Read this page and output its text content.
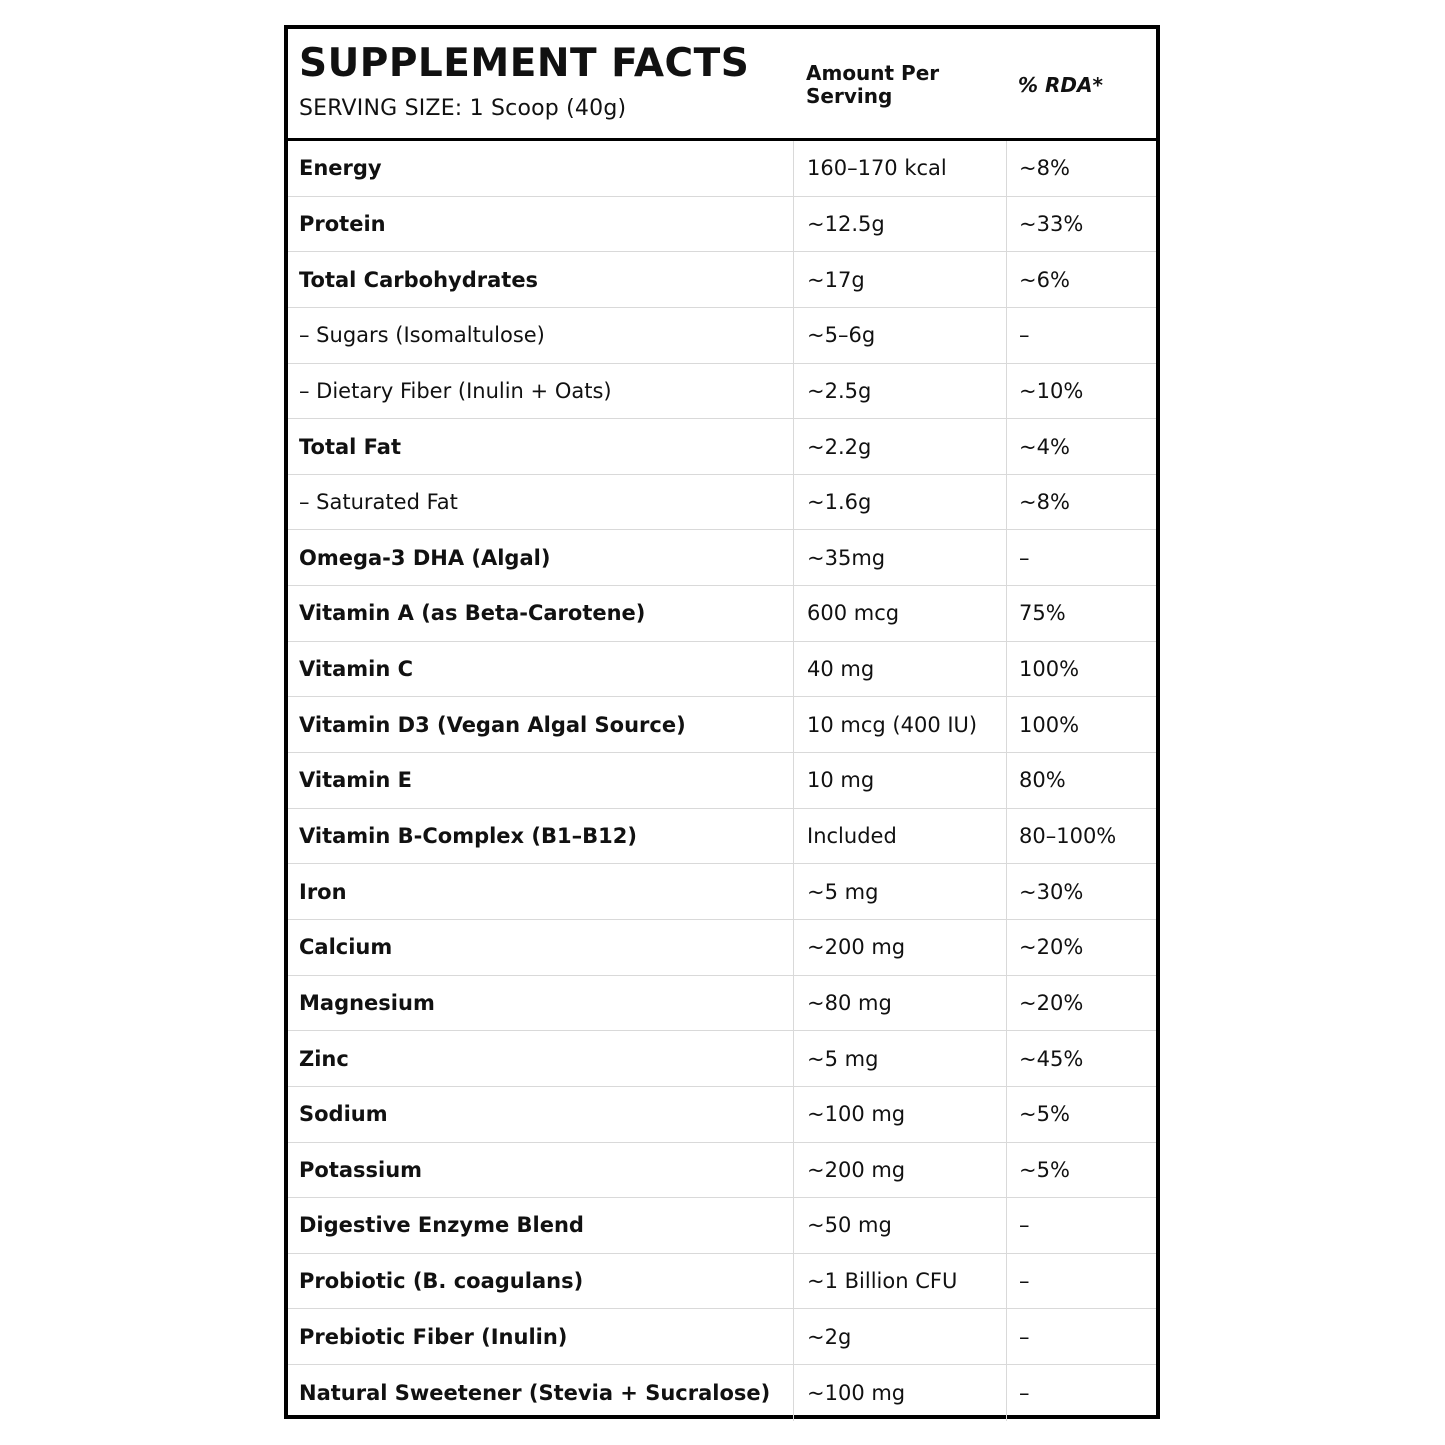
SUPPLEMENT FACTS
SERVING SIZE: 1 Scoop (40g)
Amount Per Serving	% RDA*
Energy	160–170 kcal	~8%
Protein	~12.5g	~33%
Total Carbohydrates	~17g	~6%
– Sugars (Isomaltulose)	~5–6g	–
– Dietary Fiber (Inulin + Oats)	~2.5g	~10%
Total Fat	~2.2g	~4%
– Saturated Fat	~1.6g	~8%
Omega-3 DHA (Algal)	~35mg	–
Vitamin A (as Beta-Carotene)	600 mcg	75%
Vitamin C	40 mg	100%
Vitamin D3 (Vegan Algal Source)	10 mcg (400 IU)	100%
Vitamin E	10 mg	80%
Vitamin B-Complex (B1–B12)	Included	80–100%
Iron	~5 mg	~30%
Calcium	~200 mg	~20%
Magnesium	~80 mg	~20%
Zinc	~5 mg	~45%
Sodium	~100 mg	~5%
Potassium	~200 mg	~5%
Digestive Enzyme Blend	~50 mg	–
Probiotic (B. coagulans)	~1 Billion CFU	–
Prebiotic Fiber (Inulin)	~2g	–
Natural Sweetener (Stevia + Sucralose)	~100 mg	–
